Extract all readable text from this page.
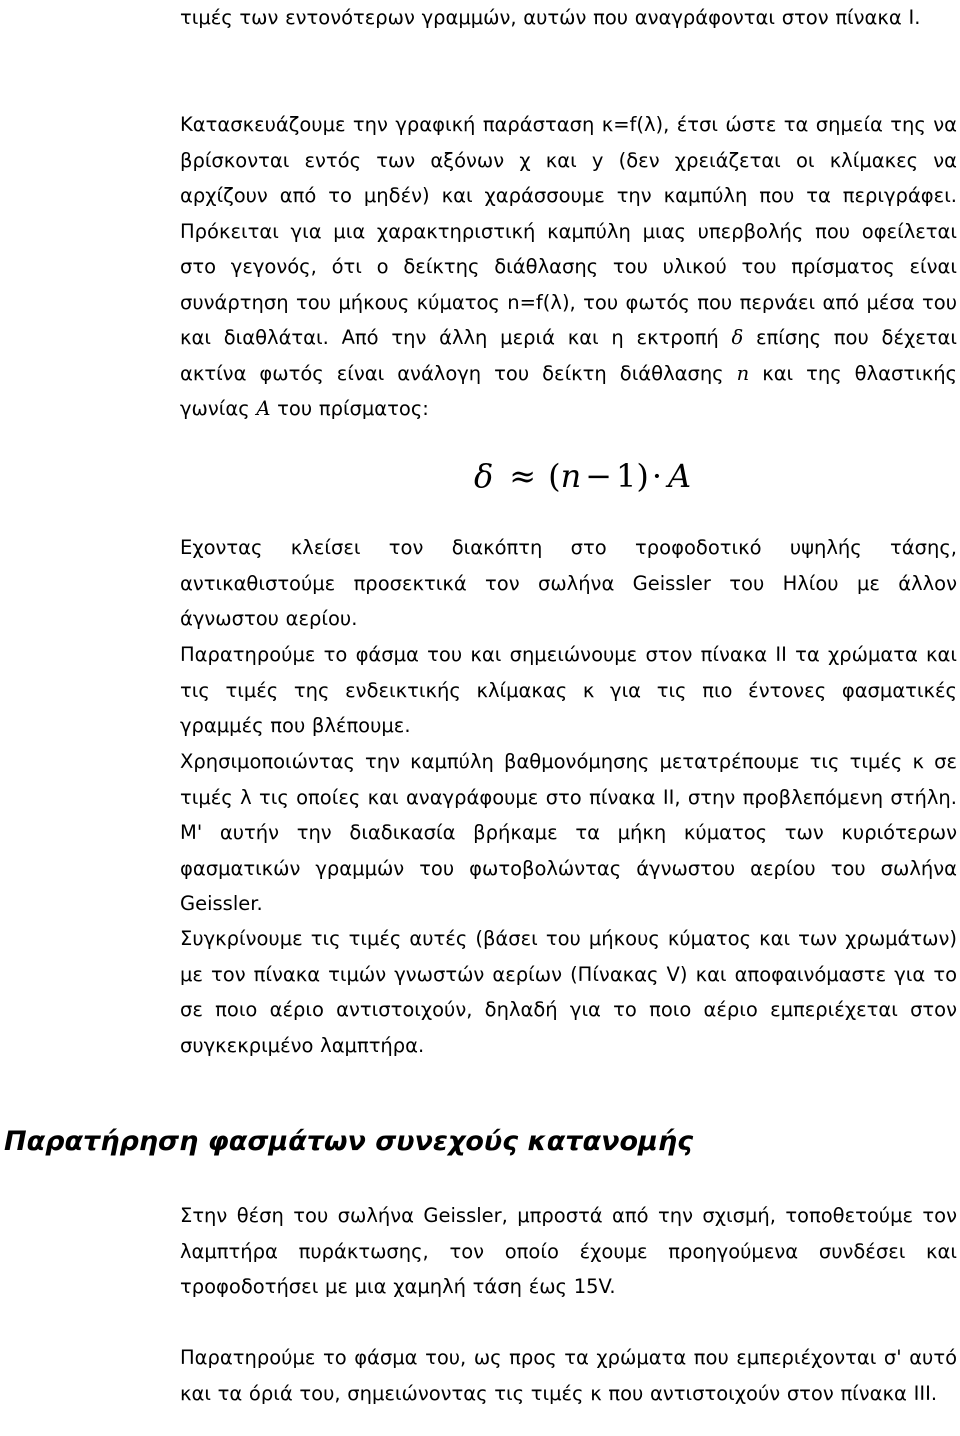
τιμές των εντονότερων γραμμών, αυτών που αναγράφονται στον πίνακα Ι.

Κατασκευάζουμε την γραφική παράσταση κ=f(λ), έτσι ώστε τα σημεία της να βρίσκονται εντός των αξόνων χ και y (δεν χρειάζεται οι κλίμακες να αρχίζουν από το μηδέν) και χαράσσουμε την καμπύλη που τα περιγράφει. Πρόκειται για μια χαρακτηριστική καμπύλη μιας υπερβολής που οφείλεται στο γεγονός, ότι ο δείκτης διάθλασης του υλικού του πρίσματος είναι συνάρτηση του μήκους κύματος n=f(λ), του φωτός που περνάει από μέσα του και διαθλάται. Από την άλλη μεριά και η εκτροπή δ επίσης που δέχεται ακτίνα φωτός είναι ανάλογη του δείκτη διάθλασης n και της θλαστικής γωνίας A του πρίσματος:

δ ≈ (n − 1)· A

Εχοντας κλείσει τον διακόπτη στο τροφοδοτικό υψηλής τάσης, αντικαθιστούμε προσεκτικά τον σωλήνα Geissler του Ηλίου με άλλον άγνωστου αερίου.

Παρατηρούμε το φάσμα του και σημειώνουμε στον πίνακα ΙΙ τα χρώματα και τις τιμές της ενδεικτικής κλίμακας κ για τις πιο έντονες φασματικές γραμμές που βλέπουμε.

Χρησιμοποιώντας την καμπύλη βαθμονόμησης μετατρέπουμε τις τιμές κ σε τιμές λ τις οποίες και αναγράφουμε στο πίνακα ΙΙ, στην προβλεπόμενη στήλη. Μ' αυτήν την διαδικασία βρήκαμε τα μήκη κύματος των κυριότερων φασματικών γραμμών του φωτοβολώντας άγνωστου αερίου του σωλήνα Geissler.

Συγκρίνουμε τις τιμές αυτές (βάσει του μήκους κύματος και των χρωμάτων) με τον πίνακα τιμών γνωστών αερίων (Πίνακας V) και αποφαινόμαστε για το σε ποιο αέριο αντιστοιχούν, δηλαδή για το ποιο αέριο εμπεριέχεται στον συγκεκριμένο λαμπτήρα.

Παρατήρηση φασμάτων συνεχούς κατανομής

Στην θέση του σωλήνα Geissler, μπροστά από την σχισμή, τοποθετούμε τον λαμπτήρα πυράκτωσης, τον οποίο έχουμε προηγούμενα συνδέσει και τροφοδοτήσει με μια χαμηλή τάση έως 15V.

Παρατηρούμε το φάσμα του, ως προς τα χρώματα που εμπεριέχονται σ' αυτό και τα όριά του, σημειώνοντας τις τιμές κ που αντιστοιχούν στον πίνακα ΙΙΙ.
